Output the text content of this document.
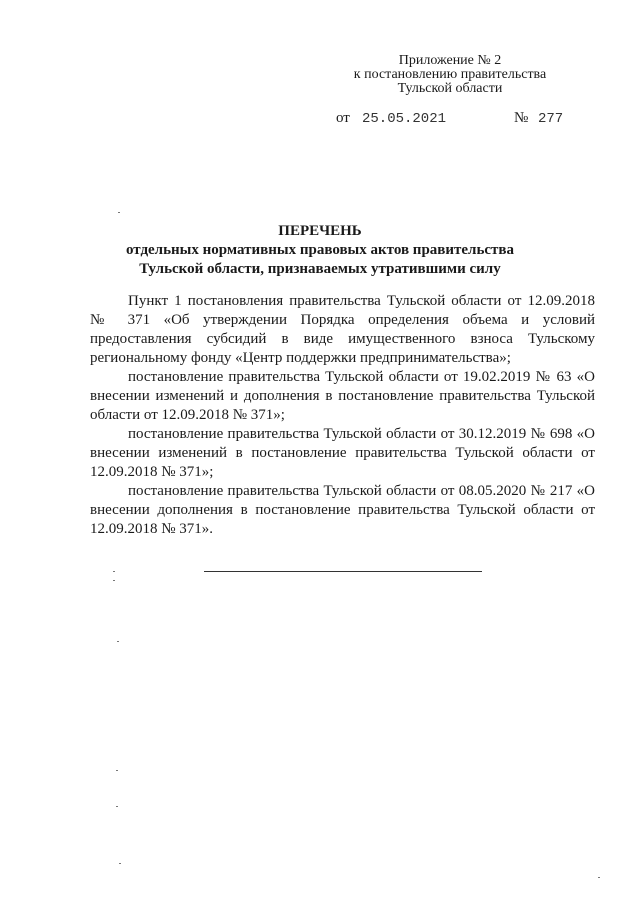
Приложение № 2
к постановлению правительства
Тульской области
от 25.05.2021	№ 277
ПЕРЕЧЕНЬ
отдельных нормативных правовых актов правительства
Тульской области, признаваемых утратившими силу

Пункт 1 постановления правительства Тульской области от 12.09.2018 № 371 «Об утверждении Порядка определения объема и условий предоставления субсидий в виде имущественного взноса Тульскому региональному фонду «Центр поддержки предпринимательства»;

постановление правительства Тульской области от 19.02.2019 № 63 «О внесении изменений и дополнения в постановление правительства Тульской области от 12.09.2018 № 371»;

постановление правительства Тульской области от 30.12.2019 № 698 «О внесении изменений в постановление правительства Тульской области от 12.09.2018 № 371»;

постановление правительства Тульской области от 08.05.2020 № 217 «О внесении дополнения в постановление правительства Тульской области от 12.09.2018 № 371».
